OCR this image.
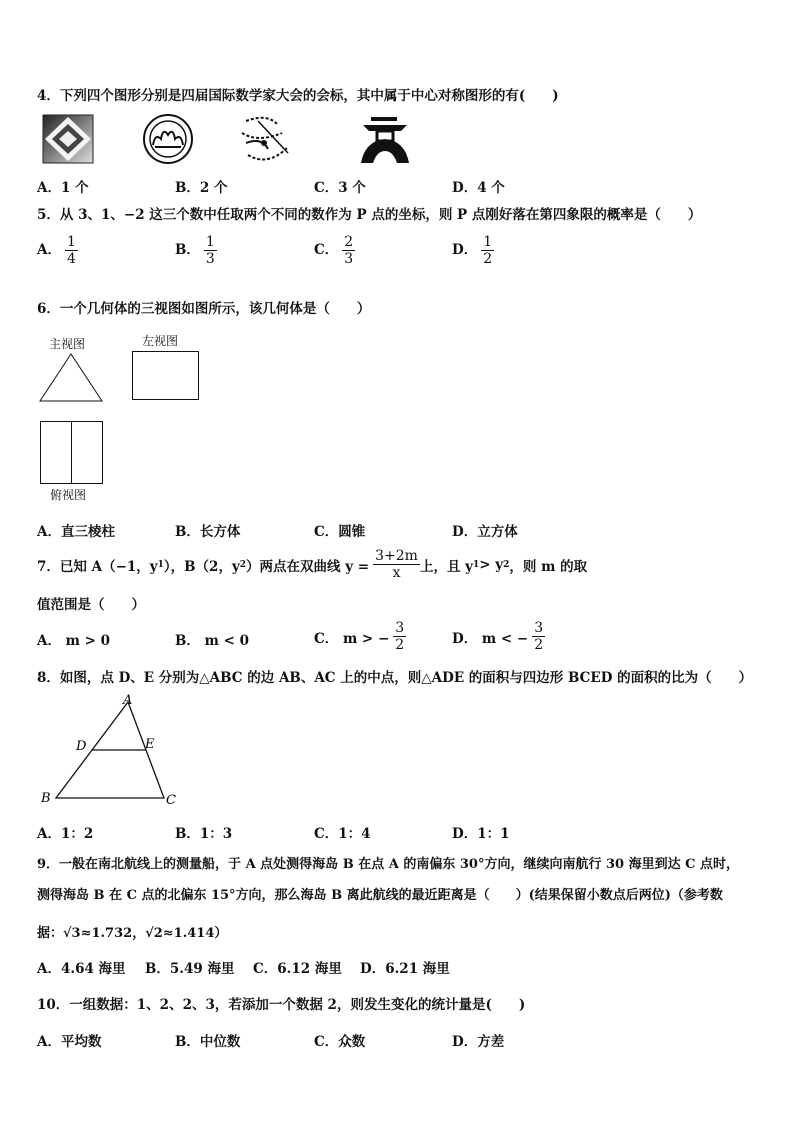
4．下列四个图形分别是四届国际数学家大会的会标，其中属于中心对称图形的有(　　)
A．1 个	B．2 个	C．3 个	D．4 个
5．从 3、1、−2 这三个数中任取两个不同的数作为 P 点的坐标，则 P 点刚好落在第四象限的概率是（　　）
A． $\frac{1}{4}$	B． $\frac{1}{3}$	C． $\frac{2}{3}$	D． $\frac{1}{2}$
6．一个几何体的三视图如图所示，该几何体是（　　）
主视图	左视图
俯视图
A．直三棱柱	B．长方体	C．圆锥	D．立方体
7．已知 A（−1，y 1 ），B（2，y 2 ）两点在双曲线 $y = \frac{3+2m}{x}$ 上，且 y 1 > y 2 ，则 m 的取
值范围是（　　）
A． m > 0	B． m < 0	C． m > − $\frac{3}{2}$	D． m < − $\frac{3}{2}$
8．如图，点 D、E 分别为△ABC 的边 AB、AC 上的中点，则△ADE 的面积与四边形 BCED 的面积的比为（　　）
A
D	E
B	C
A．1：2	B．1：3	C．1：4	D．1：1
9．一般在南北航线上的测量船，于 A 点处测得海岛 B 在点 A 的南偏东 30°方向，继续向南航行 30 海里到达 C 点时，
测得海岛 B 在 C 点的北偏东 15°方向，那么海岛 B 离此航线的最近距离是（　　）(结果保留小数点后两位)（参考数
据：√3≈1.732，√2≈1.414）
A．4.64 海里 B．5.49 海里 C．6.12 海里 D．6.21 海里
10．一组数据：1、2、2、3，若添加一个数据 2，则发生变化的统计量是(　　)
A．平均数	B．中位数	C．众数	D．方差
